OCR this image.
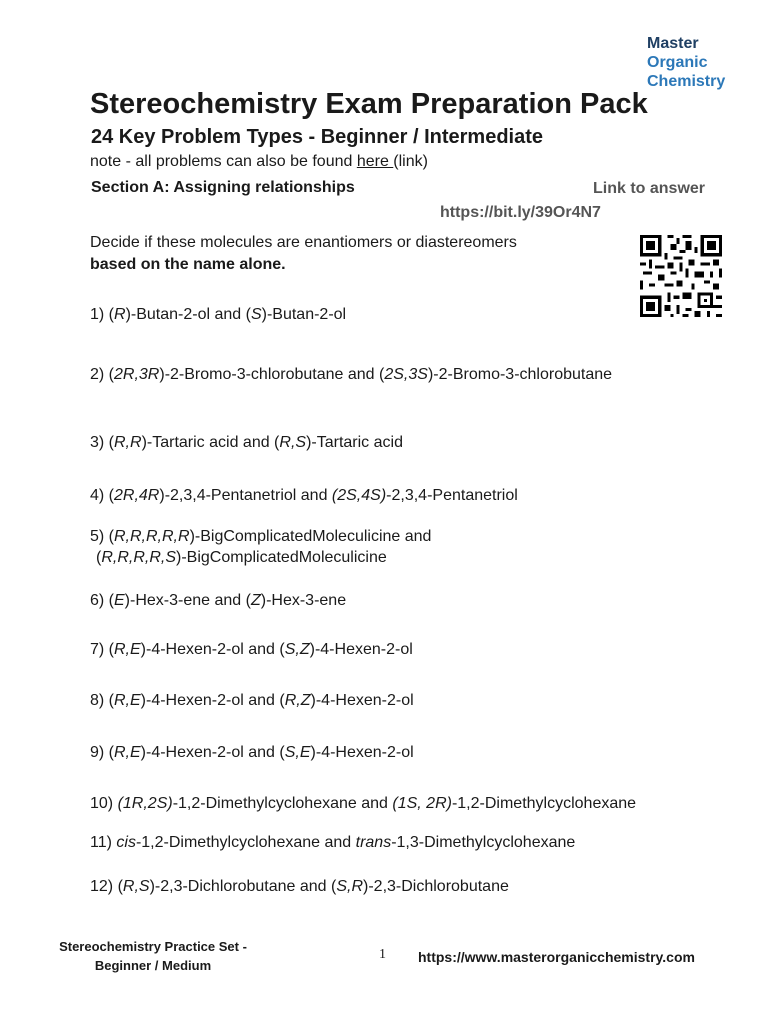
Master
Organic
Chemistry
Stereochemistry Exam Preparation Pack
24 Key Problem Types - Beginner / Intermediate
note - all problems can also be found here (link)
Section A: Assigning relationships	Link to answer
https://bit.ly/39Or4N7
Decide if these molecules are enantiomers or diastereomers
based on the name alone.
1) (R)-Butan-2-ol and (S)-Butan-2-ol
2) (2R,3R)-2-Bromo-3-chlorobutane and (2S,3S)-2-Bromo-3-chlorobutane
3) (R,R)-Tartaric acid and (R,S)-Tartaric acid
4) (2R,4R)-2,3,4-Pentanetriol and (2S,4S)-2,3,4-Pentanetriol
5) (R,R,R,R,R)-BigComplicatedMoleculicine and
(R,R,R,R,S)-BigComplicatedMoleculicine
6) (E)-Hex-3-ene and (Z)-Hex-3-ene
7) (R,E)-4-Hexen-2-ol and (S,Z)-4-Hexen-2-ol
8) (R,E)-4-Hexen-2-ol and (R,Z)-4-Hexen-2-ol
9) (R,E)-4-Hexen-2-ol and (S,E)-4-Hexen-2-ol
10) (1R,2S)-1,2-Dimethylcyclohexane and (1S, 2R)-1,2-Dimethylcyclohexane
11) cis-1,2-Dimethylcyclohexane and trans-1,3-Dimethylcyclohexane
12) (R,S)-2,3-Dichlorobutane and (S,R)-2,3-Dichlorobutane
Stereochemistry Practice Set - Beginner / Medium
1 https://www.masterorganicchemistry.com
